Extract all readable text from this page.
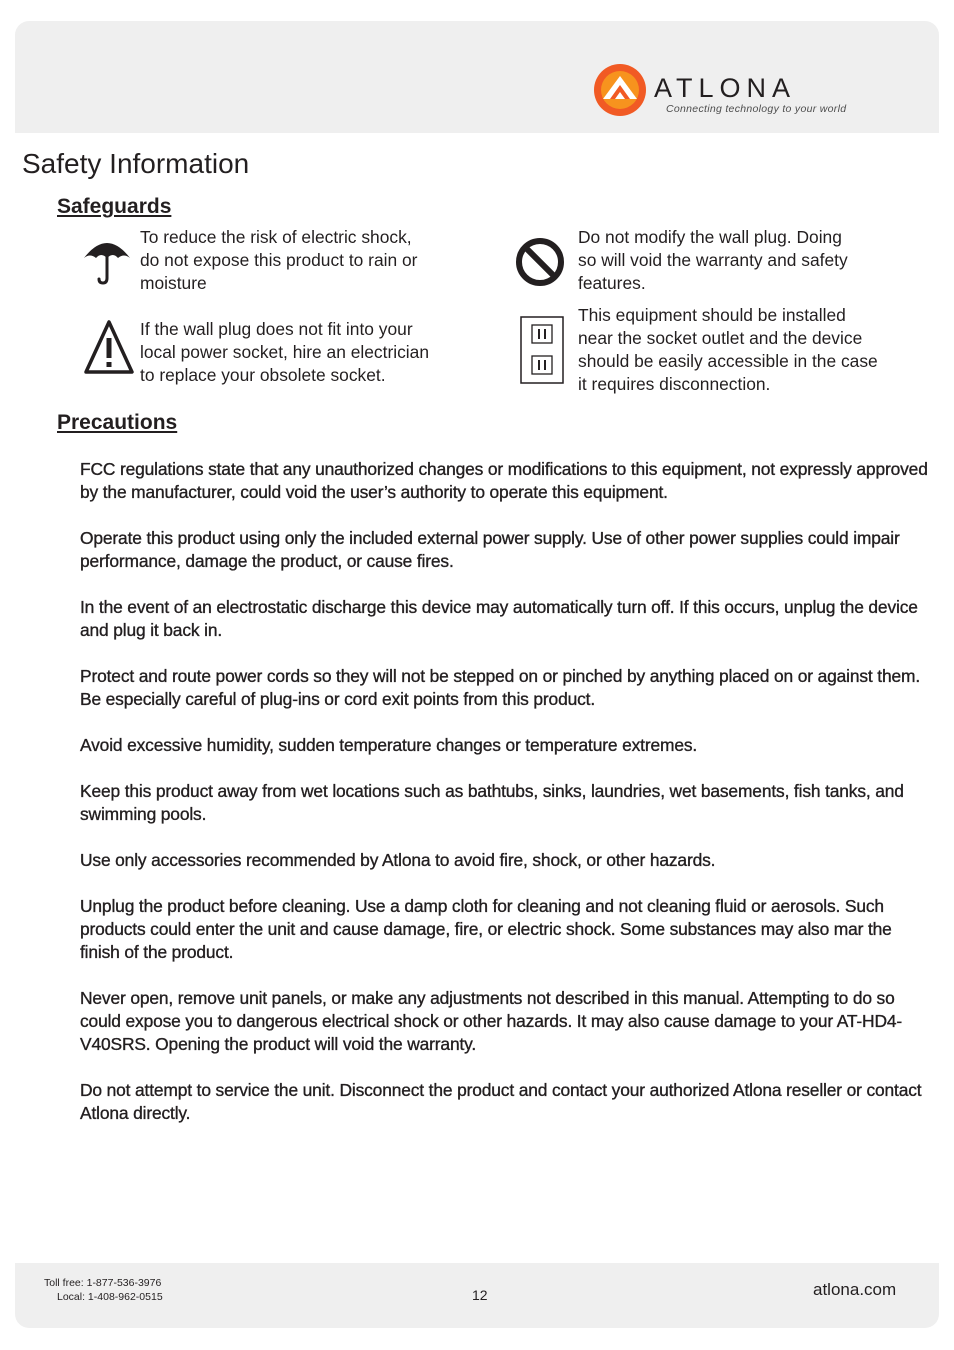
ATLONA
Connecting technology to your world
Safety Information
Safeguards

To reduce the risk of electric shock,
do not expose this product to rain or
moisture

If the wall plug does not fit into your
local power socket, hire an electrician
to replace your obsolete socket.

Do not modify the wall plug. Doing
so will void the warranty and safety
features.

This equipment should be installed
near the socket outlet and the device
should be easily accessible in the case
it requires disconnection.

Precautions
FCC regulations state that any unauthorized changes or modifications to this equipment, not expressly approved by the manufacturer, could void the user’s authority to operate this equipment.
Operate this product using only the included external power supply. Use of other power supplies could impair performance, damage the product, or cause fires.
In the event of an electrostatic discharge this device may automatically turn off. If this occurs, unplug the device and plug it back in.
Protect and route power cords so they will not be stepped on or pinched by anything placed on or against them. Be especially careful of plug-ins or cord exit points from this product.
Avoid excessive humidity, sudden temperature changes or temperature extremes.
Keep this product away from wet locations such as bathtubs, sinks, laundries, wet basements, fish tanks, and swimming pools.
Use only accessories recommended by Atlona to avoid fire, shock, or other hazards.
Unplug the product before cleaning. Use a damp cloth for cleaning and not cleaning fluid or aerosols. Such products could enter the unit and cause damage, fire, or electric shock. Some substances may also mar the finish of the product.
Never open, remove unit panels, or make any adjustments not described in this manual. Attempting to do so could expose you to dangerous electrical shock or other hazards. It may also cause damage to your AT-HD4-V40SRS. Opening the product will void the warranty.
Do not attempt to service the unit. Disconnect the product and contact your authorized Atlona reseller or contact Atlona directly.
Toll free: 1-877-536-3976
Local: 1-408-962-0515	12	atlona.com
